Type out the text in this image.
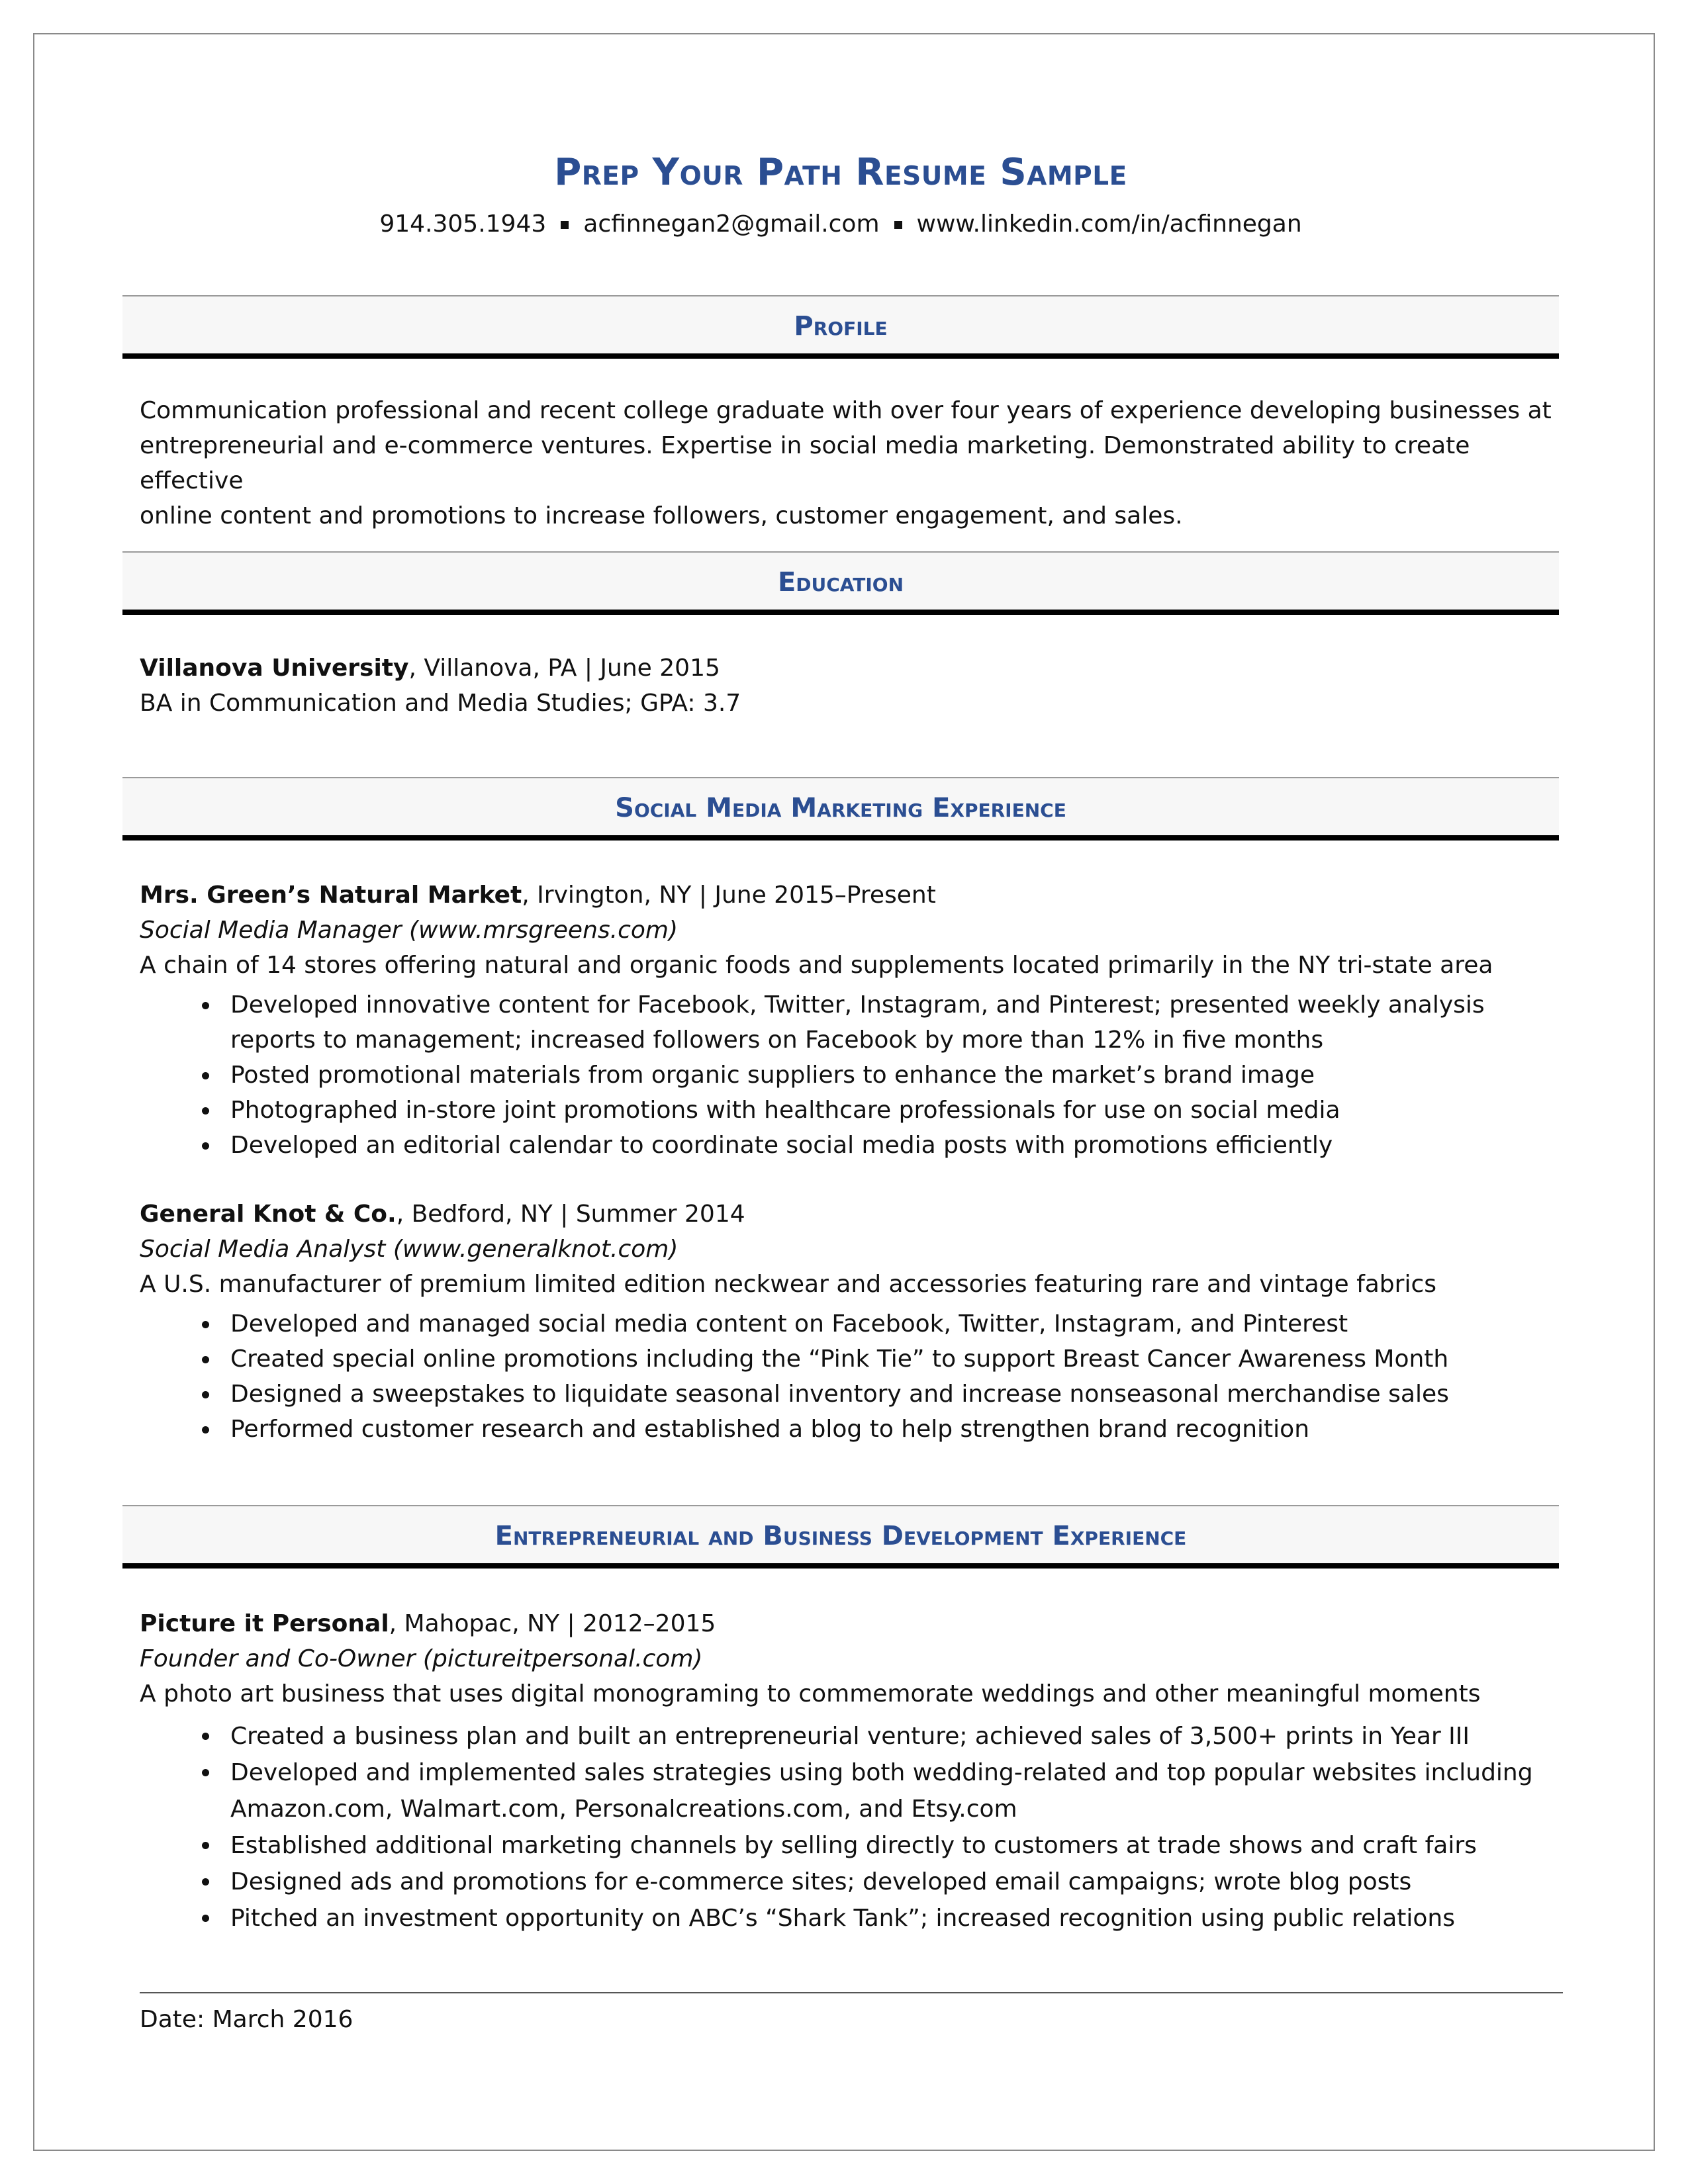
Prep Your Path Resume Sample
914.305.1943 acfinnegan2@gmail.com www.linkedin.com/in/acfinnegan
Profile
Communication professional and recent college graduate with over four years of experience developing businesses at
entrepreneurial and e-commerce ventures. Expertise in social media marketing. Demonstrated ability to create effective
online content and promotions to increase followers, customer engagement, and sales.
Education
Villanova University, Villanova, PA | June 2015
BA in Communication and Media Studies; GPA: 3.7
Social Media Marketing Experience
Mrs. Green’s Natural Market, Irvington, NY | June 2015–Present
Social Media Manager (www.mrsgreens.com)
A chain of 14 stores offering natural and organic foods and supplements located primarily in the NY tri-state area
Developed innovative content for Facebook, Twitter, Instagram, and Pinterest; presented weekly analysis
reports to management; increased followers on Facebook by more than 12% in five months
Posted promotional materials from organic suppliers to enhance the market’s brand image
Photographed in-store joint promotions with healthcare professionals for use on social media
Developed an editorial calendar to coordinate social media posts with promotions efficiently
General Knot & Co., Bedford, NY | Summer 2014
Social Media Analyst (www.generalknot.com)
A U.S. manufacturer of premium limited edition neckwear and accessories featuring rare and vintage fabrics
Developed and managed social media content on Facebook, Twitter, Instagram, and Pinterest
Created special online promotions including the “Pink Tie” to support Breast Cancer Awareness Month
Designed a sweepstakes to liquidate seasonal inventory and increase nonseasonal merchandise sales
Performed customer research and established a blog to help strengthen brand recognition
Entrepreneurial and Business Development Experience
Picture it Personal, Mahopac, NY | 2012–2015
Founder and Co-Owner (pictureitpersonal.com)
A photo art business that uses digital monograming to commemorate weddings and other meaningful moments
Created a business plan and built an entrepreneurial venture; achieved sales of 3,500+ prints in Year III
Developed and implemented sales strategies using both wedding-related and top popular websites including
Amazon.com, Walmart.com, Personalcreations.com, and Etsy.com
Established additional marketing channels by selling directly to customers at trade shows and craft fairs
Designed ads and promotions for e-commerce sites; developed email campaigns; wrote blog posts
Pitched an investment opportunity on ABC’s “Shark Tank”; increased recognition using public relations
Date: March 2016
